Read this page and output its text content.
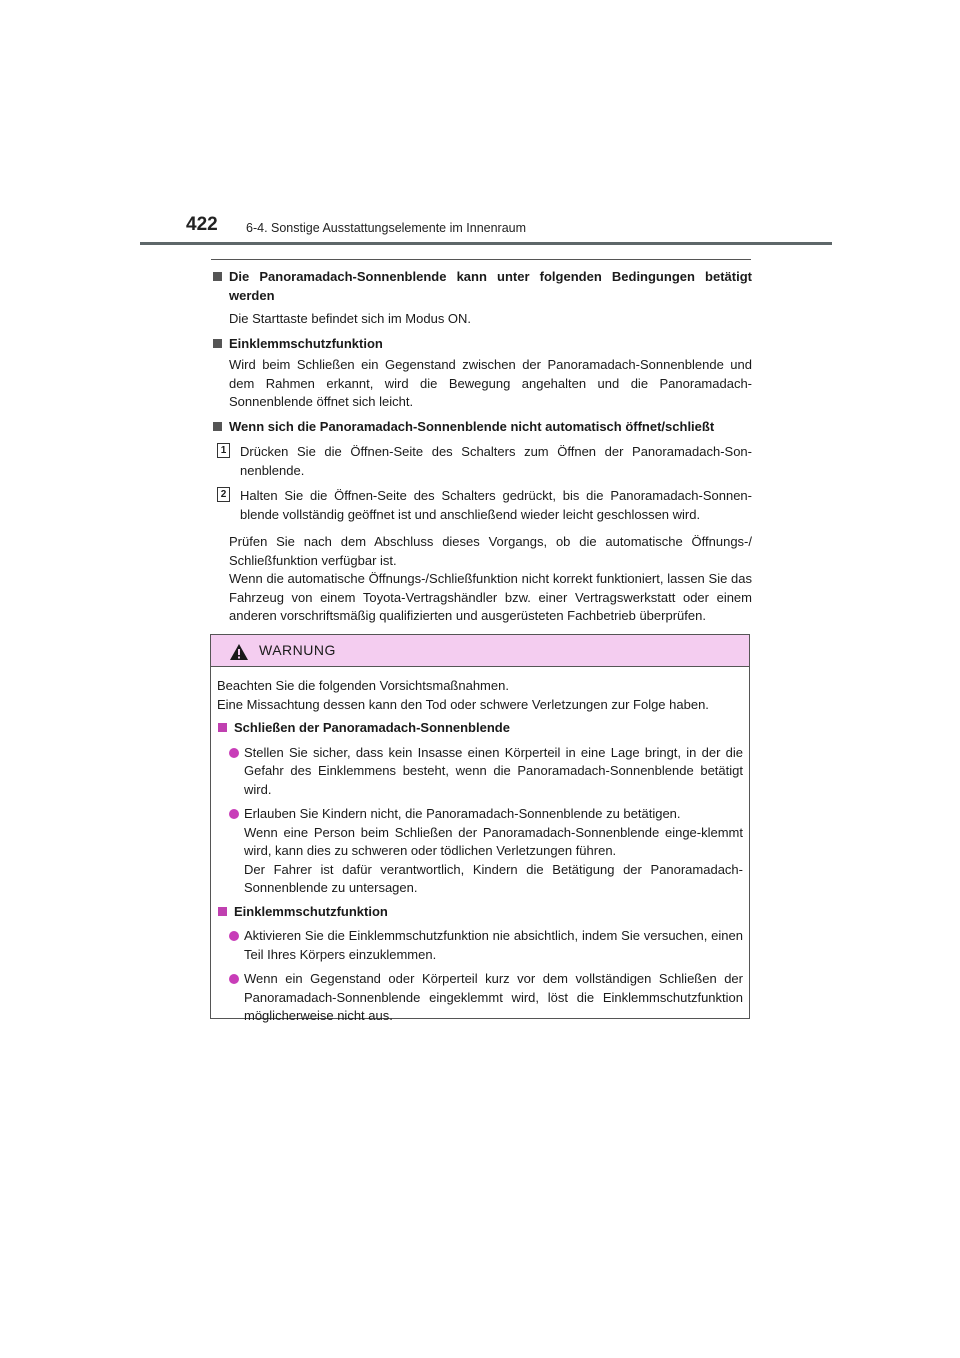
422 6-4. Sonstige Ausstattungselemente im Innenraum
Die Panoramadach-Sonnenblende kann unter folgenden Bedingungen betätigt werden
Die Starttaste befindet sich im Modus ON.
Einklemmschutzfunktion
Wird beim Schließen ein Gegenstand zwischen der Panoramadach-Sonnenblende und dem Rahmen erkannt, wird die Bewegung angehalten und die Panoramadach-Sonnenblende öffnet sich leicht.
Wenn sich die Panoramadach-Sonnenblende nicht automatisch öffnet/schließt
1 Drücken Sie die Öffnen-Seite des Schalters zum Öffnen der Panoramadach-Son-nenblende.
2 Halten Sie die Öffnen-Seite des Schalters gedrückt, bis die Panoramadach-Sonnen-blende vollständig geöffnet ist und anschließend wieder leicht geschlossen wird.
Prüfen Sie nach dem Abschluss dieses Vorgangs, ob die automatische Öffnungs-/ Schließfunktion verfügbar ist.
Wenn die automatische Öffnungs-/Schließfunktion nicht korrekt funktioniert, lassen Sie das Fahrzeug von einem Toyota-Vertragshändler bzw. einer Vertragswerkstatt oder einem anderen vorschriftsmäßig qualifizierten und ausgerüsteten Fachbetrieb überprüfen.
WARNUNG
Beachten Sie die folgenden Vorsichtsmaßnahmen.
Eine Missachtung dessen kann den Tod oder schwere Verletzungen zur Folge haben.
Schließen der Panoramadach-Sonnenblende
Stellen Sie sicher, dass kein Insasse einen Körperteil in eine Lage bringt, in der die Gefahr des Einklemmens besteht, wenn die Panoramadach-Sonnenblende betätigt wird.
Erlauben Sie Kindern nicht, die Panoramadach-Sonnenblende zu betätigen.
Wenn eine Person beim Schließen der Panoramadach-Sonnenblende einge-klemmt wird, kann dies zu schweren oder tödlichen Verletzungen führen.
Der Fahrer ist dafür verantwortlich, Kindern die Betätigung der Panoramadach-Sonnenblende zu untersagen.
Einklemmschutzfunktion
Aktivieren Sie die Einklemmschutzfunktion nie absichtlich, indem Sie versuchen, einen Teil Ihres Körpers einzuklemmen.
Wenn ein Gegenstand oder Körperteil kurz vor dem vollständigen Schließen der Panoramadach-Sonnenblende eingeklemmt wird, löst die Einklemmschutzfunktion möglicherweise nicht aus.
